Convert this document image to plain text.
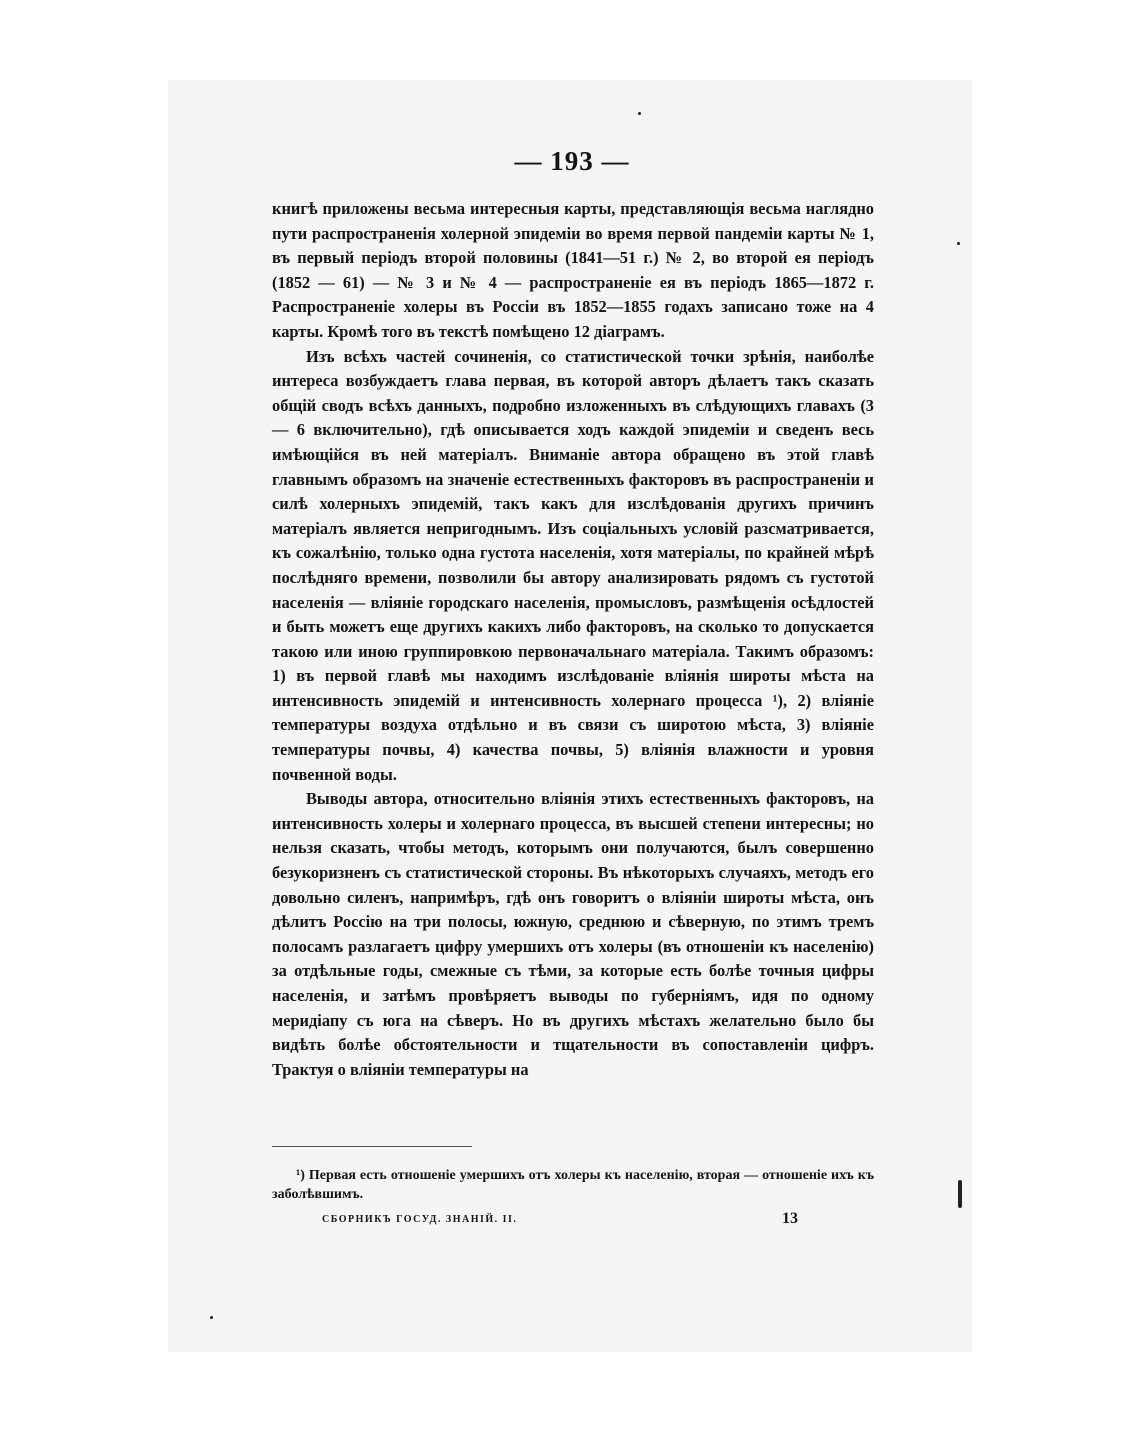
— 193 —

книгѣ приложены весьма интересныя карты, представляющія весьма наглядно пути распространенія холерной эпидеміи во время первой пандеміи карты № 1, въ первый періодъ второй половины (1841—51 г.) № 2, во второй ея періодъ (1852 — 61) — № 3 и № 4 — распространеніе ея въ періодъ 1865—1872 г. Распространеніе холеры въ Россіи въ 1852—1855 годахъ записано тоже на 4 карты. Кромѣ того въ текстѣ помѣщено 12 діаграмъ.

Изъ всѣхъ частей сочиненія, со статистической точки зрѣнія, наиболѣе интереса возбуждаетъ глава первая, въ которой авторъ дѣлаетъ такъ сказать общій сводъ всѣхъ данныхъ, подробно изложенныхъ въ слѣдующихъ главахъ (3 — 6 включительно), гдѣ описывается ходъ каждой эпидеміи и сведенъ весь имѣющійся въ ней матеріалъ. Вниманіе автора обращено въ этой главѣ главнымъ образомъ на значеніе естественныхъ факторовъ въ распространеніи и силѣ холерныхъ эпидемій, такъ какъ для изслѣдованія другихъ причинъ матеріалъ является непригоднымъ. Изъ соціальныхъ условій разсматривается, къ сожалѣнію, только одна густота населенія, хотя матеріалы, по крайней мѣрѣ послѣдняго времени, позволили бы автору анализировать рядомъ съ густотой населенія — вліяніе городскаго населенія, промысловъ, размѣщенія осѣдлостей и быть можетъ еще другихъ какихъ либо факторовъ, на сколько то допускается такою или иною группировкою первоначальнаго матеріала. Такимъ образомъ: 1) въ первой главѣ мы находимъ изслѣдованіе вліянія широты мѣста на интенсивность эпидемій и интенсивность холернаго процесса ¹), 2) вліяніе температуры воздуха отдѣльно и въ связи съ широтою мѣста, 3) вліяніе температуры почвы, 4) качества почвы, 5) вліянія влажности и уровня почвенной воды.

Выводы автора, относительно вліянія этихъ естественныхъ факторовъ, на интенсивность холеры и холернаго процесса, въ высшей степени интересны; но нельзя сказать, чтобы методъ, которымъ они получаются, былъ совершенно безукоризненъ съ статистической стороны. Въ нѣкоторыхъ случаяхъ, методъ его довольно силенъ, напримѣръ, гдѣ онъ говоритъ о вліяніи широты мѣста, онъ дѣлитъ Россію на три полосы, южную, среднюю и сѣверную, по этимъ тремъ полосамъ разлагаетъ цифру умершихъ отъ холеры (въ отношеніи къ населенію) за отдѣльные годы, смежные съ тѣми, за которые есть болѣе точныя цифры населенія, и затѣмъ провѣряетъ выводы по губерніямъ, идя по одному меридіапу съ юга на сѣверъ. Но въ другихъ мѣстахъ желательно было бы видѣть болѣе обстоятельности и тщательности въ сопоставленіи цифръ. Трактуя о вліяніи температуры на

¹) Первая есть отношеніе умершихъ отъ холеры къ населенію, вторая — отношеніе ихъ къ заболѣвшимъ.
СБОРНИКЪ ГОСУД. ЗНАНІЙ. II.	13
